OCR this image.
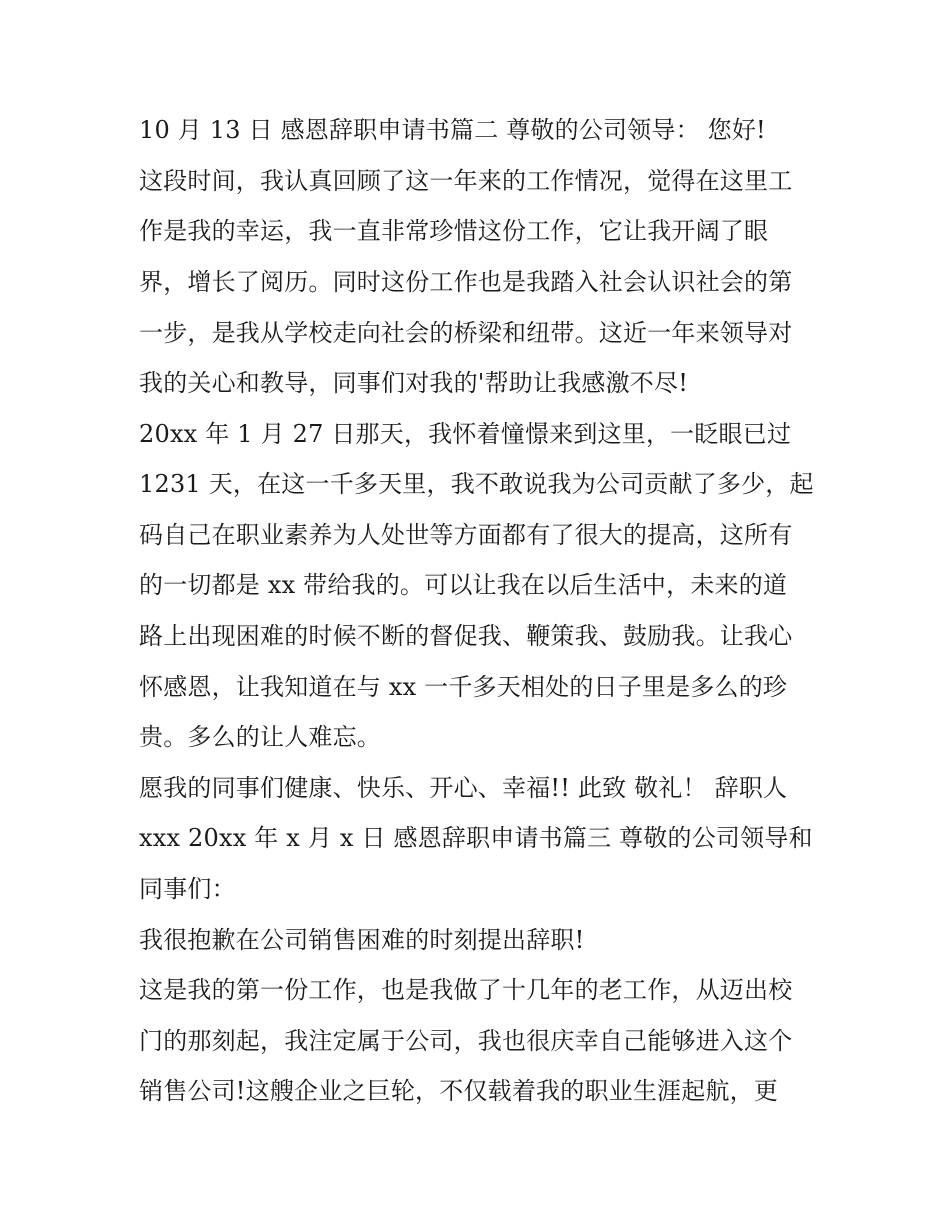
10 月 13 日 感恩辞职申请书篇二 尊敬的公司领导： 您好!
这段时间，我认真回顾了这一年来的工作情况，觉得在这里工
作是我的幸运，我一直非常珍惜这份工作，它让我开阔了眼
界，增长了阅历。同时这份工作也是我踏入社会认识社会的第
一步，是我从学校走向社会的桥梁和纽带。这近一年来领导对
我的关心和教导，同事们对我的'帮助让我感激不尽!
20xx 年 1 月 27 日那天，我怀着憧憬来到这里，一眨眼已过
1231 天，在这一千多天里，我不敢说我为公司贡献了多少，起
码自己在职业素养为人处世等方面都有了很大的提高，这所有
的一切都是 xx 带给我的。可以让我在以后生活中，未来的道
路上出现困难的时候不断的督促我、鞭策我、鼓励我。让我心
怀感恩，让我知道在与 xx 一千多天相处的日子里是多么的珍
贵。多么的让人难忘。
愿我的同事们健康、快乐、开心、幸福!! 此致 敬礼！ 辞职人
xxx 20xx 年 x 月 x 日 感恩辞职申请书篇三 尊敬的公司领导和
同事们：
我很抱歉在公司销售困难的时刻提出辞职!
这是我的第一份工作，也是我做了十几年的老工作，从迈出校
门的那刻起，我注定属于公司，我也很庆幸自己能够进入这个
销售公司!这艘企业之巨轮，不仅载着我的职业生涯起航，更
